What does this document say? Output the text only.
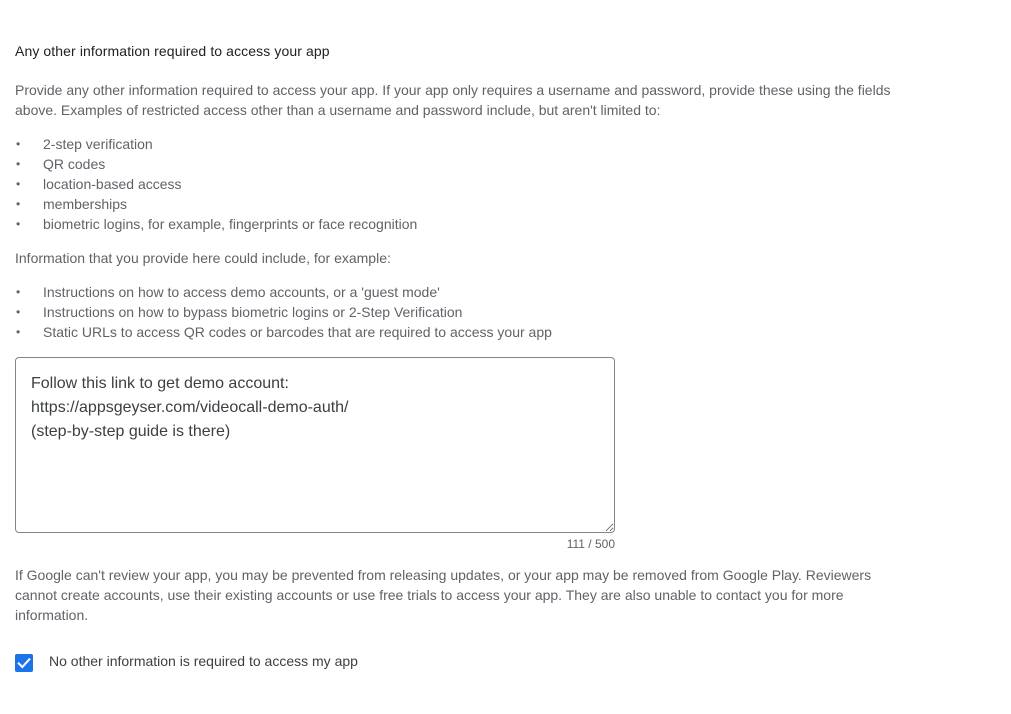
Any other information required to access your app

Provide any other information required to access your app. If your app only requires a username and password, provide these using the fields above. Examples of restricted access other than a username and password include, but aren't limited to:

• 2-step verification
• QR codes
• location-based access
• memberships
• biometric logins, for example, fingerprints or face recognition

Information that you provide here could include, for example:

• Instructions on how to access demo accounts, or a 'guest mode'
• Instructions on how to bypass biometric logins or 2-Step Verification
• Static URLs to access QR codes or barcodes that are required to access your app
Follow this link to get demo account: https://appsgeyser.com/videocall-demo-auth/ (step-by-step guide is there)
111 / 500

If Google can't review your app, you may be prevented from releasing updates, or your app may be removed from Google Play. Reviewers cannot create accounts, use their existing accounts or use free trials to access your app. They are also unable to contact you for more information.

No other information is required to access my app
